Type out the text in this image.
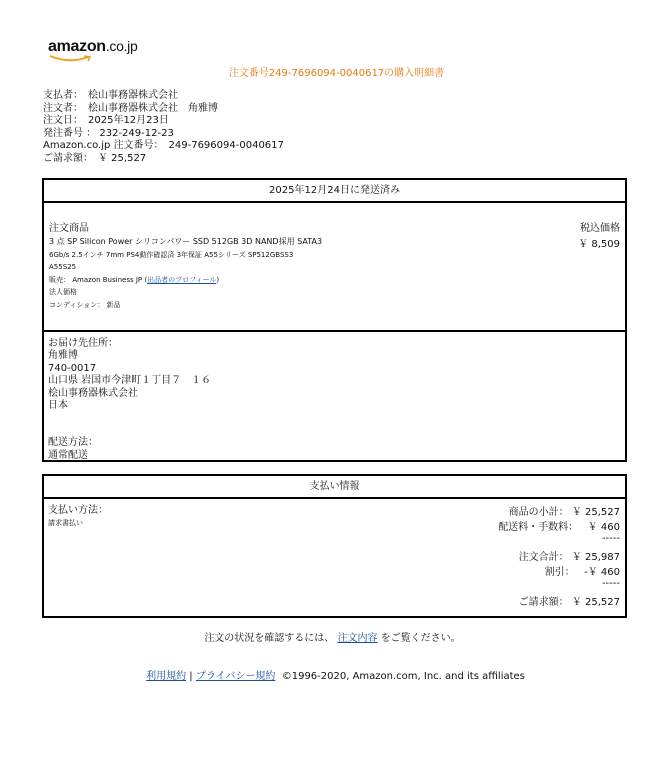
amazon.co.jp
注文番号249-7696094-0040617の購入明細書
支払者：　桧山事務器株式会社
注文者：　桧山事務器株式会社　角雅博
注文日：　2025年12月23日
発注番号 ： 232-249-12-23
Amazon.co.jp 注文番号：　249-7696094-0040617
ご請求額：　￥ 25,527
2025年12月24日に発送済み
注文商品	税込価格
￥ 8,509
3 点 SP Silicon Power シリコンパワー SSD 512GB 3D NAND採用 SATA3
6Gb/s 2.5インチ 7mm PS4動作確認済 3年保証 A55シリーズ SP512GBSS3
A55S25
販売： Amazon Business JP (出品者のプロフィール)
法人価格
コンディション： 新品
お届け先住所：
角雅博
740-0017
山口県 岩国市今津町１丁目７　１６
桧山事務器株式会社
日本
配送方法：
通常配送
支払い情報
支払い方法：
請求書払い
商品の小計： ￥ 25,527
配送料・手数料： ￥ 460
-----
注文合計： ￥ 25,987
割引： -￥ 460
-----
ご請求額： ￥ 25,527
注文の状況を確認するには、 注文内容 をご覧ください。
利用規約 | プライバシー規約 ©1996-2020, Amazon.com, Inc. and its affiliates
